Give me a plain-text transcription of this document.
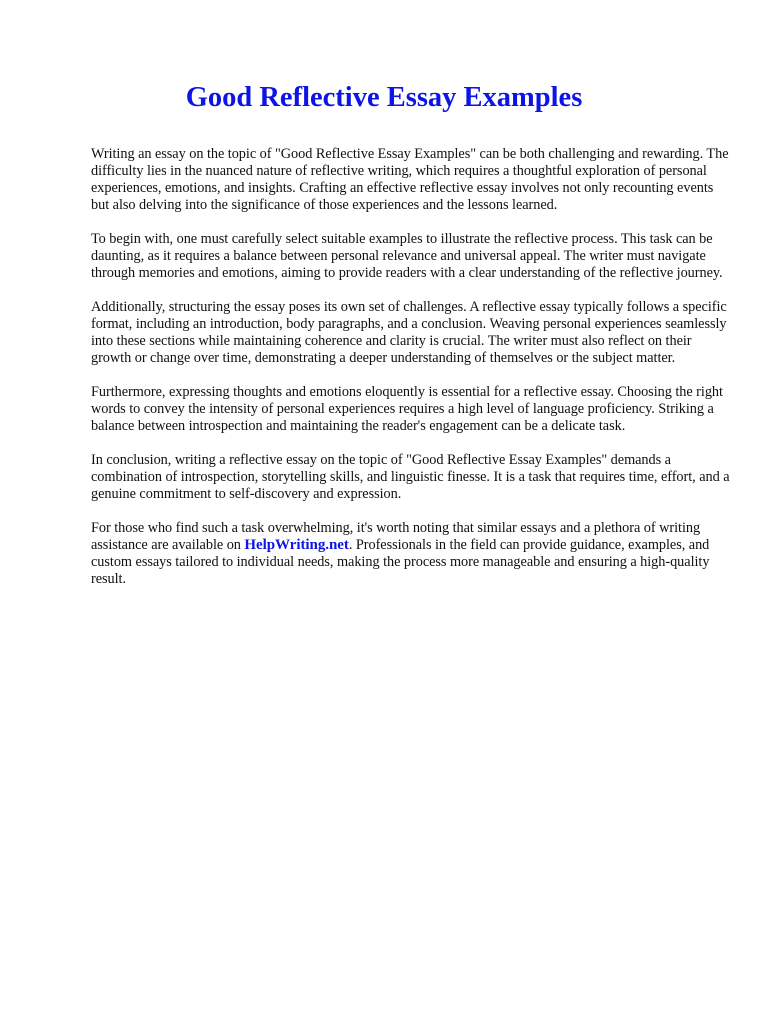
Good Reflective Essay Examples

Writing an essay on the topic of "Good Reflective Essay Examples" can be both challenging and rewarding. The difficulty lies in the nuanced nature of reflective writing, which requires a thoughtful exploration of personal experiences, emotions, and insights. Crafting an effective reflective essay involves not only recounting events but also delving into the significance of those experiences and the lessons learned.

To begin with, one must carefully select suitable examples to illustrate the reflective process. This task can be daunting, as it requires a balance between personal relevance and universal appeal. The writer must navigate through memories and emotions, aiming to provide readers with a clear understanding of the reflective journey.

Additionally, structuring the essay poses its own set of challenges. A reflective essay typically follows a specific format, including an introduction, body paragraphs, and a conclusion. Weaving personal experiences seamlessly into these sections while maintaining coherence and clarity is crucial. The writer must also reflect on their growth or change over time, demonstrating a deeper understanding of themselves or the subject matter.

Furthermore, expressing thoughts and emotions eloquently is essential for a reflective essay. Choosing the right words to convey the intensity of personal experiences requires a high level of language proficiency. Striking a balance between introspection and maintaining the reader's engagement can be a delicate task.

In conclusion, writing a reflective essay on the topic of "Good Reflective Essay Examples" demands a combination of introspection, storytelling skills, and linguistic finesse. It is a task that requires time, effort, and a genuine commitment to self-discovery and expression.

For those who find such a task overwhelming, it's worth noting that similar essays and a plethora of writing assistance are available on HelpWriting.net. Professionals in the field can provide guidance, examples, and custom essays tailored to individual needs, making the process more manageable and ensuring a high-quality result.
